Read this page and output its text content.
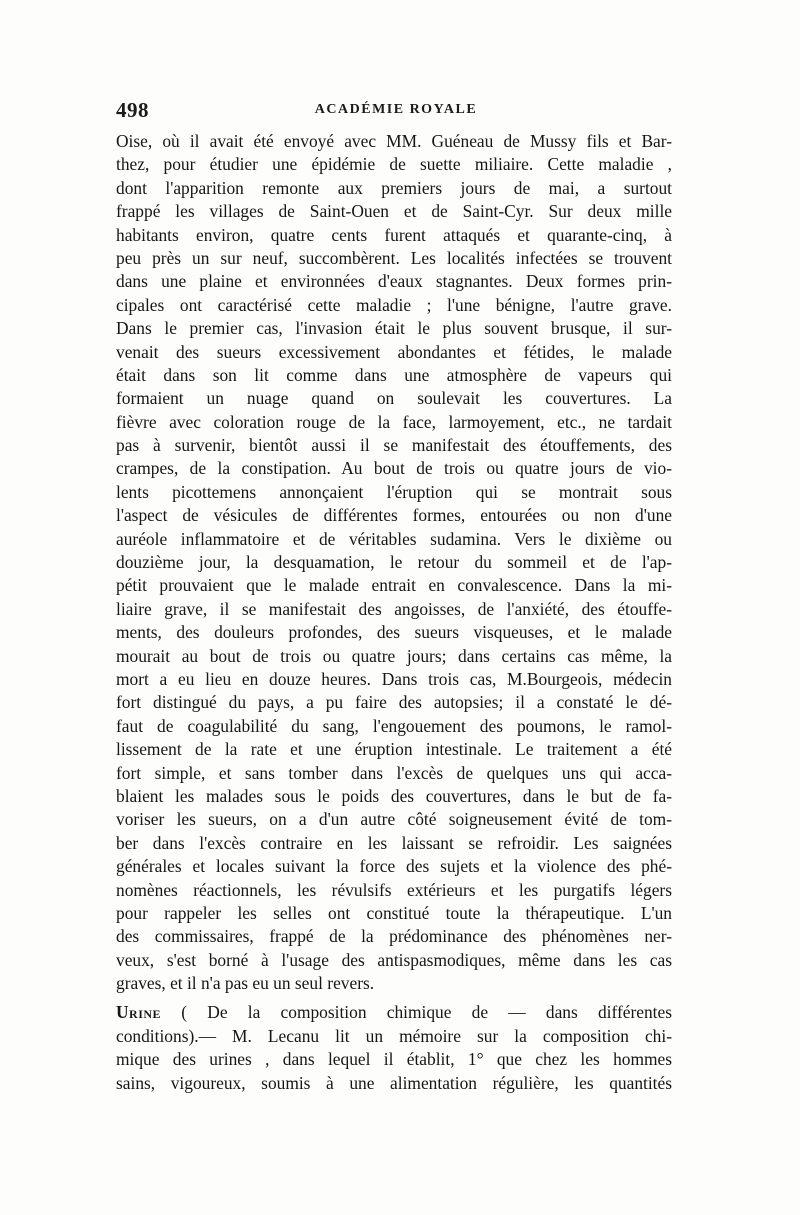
498	ACADÉMIE ROYALE
Oise, où il avait été envoyé avec MM. Guéneau de Mussy fils et Bar-
thez, pour étudier une épidémie de suette miliaire. Cette maladie ,
dont l'apparition remonte aux premiers jours de mai, a surtout
frappé les villages de Saint-Ouen et de Saint-Cyr. Sur deux mille
habitants environ, quatre cents furent attaqués et quarante-cinq, à
peu près un sur neuf, succombèrent. Les localités infectées se trouvent
dans une plaine et environnées d'eaux stagnantes. Deux formes prin-
cipales ont caractérisé cette maladie ; l'une bénigne, l'autre grave.
Dans le premier cas, l'invasion était le plus souvent brusque, il sur-
venait des sueurs excessivement abondantes et fétides, le malade
était dans son lit comme dans une atmosphère de vapeurs qui
formaient un nuage quand on soulevait les couvertures. La
fièvre avec coloration rouge de la face, larmoyement, etc., ne tardait
pas à survenir, bientôt aussi il se manifestait des étouffements, des
crampes, de la constipation. Au bout de trois ou quatre jours de vio-
lents picottemens annonçaient l'éruption qui se montrait sous
l'aspect de vésicules de différentes formes, entourées ou non d'une
auréole inflammatoire et de véritables sudamina. Vers le dixième ou
douzième jour, la desquamation, le retour du sommeil et de l'ap-
pétit prouvaient que le malade entrait en convalescence. Dans la mi-
liaire grave, il se manifestait des angoisses, de l'anxiété, des étouffe-
ments, des douleurs profondes, des sueurs visqueuses, et le malade
mourait au bout de trois ou quatre jours; dans certains cas même, la
mort a eu lieu en douze heures. Dans trois cas, M.Bourgeois, médecin
fort distingué du pays, a pu faire des autopsies; il a constaté le dé-
faut de coagulabilité du sang, l'engouement des poumons, le ramol-
lissement de la rate et une éruption intestinale. Le traitement a été
fort simple, et sans tomber dans l'excès de quelques uns qui acca-
blaient les malades sous le poids des couvertures, dans le but de fa-
voriser les sueurs, on a d'un autre côté soigneusement évité de tom-
ber dans l'excès contraire en les laissant se refroidir. Les saignées
générales et locales suivant la force des sujets et la violence des phé-
nomènes réactionnels, les révulsifs extérieurs et les purgatifs légers
pour rappeler les selles ont constitué toute la thérapeutique. L'un
des commissaires, frappé de la prédominance des phénomènes ner-
veux, s'est borné à l'usage des antispasmodiques, même dans les cas
graves, et il n'a pas eu un seul revers.
Urine ( De la composition chimique de — dans différentes
conditions).— M. Lecanu lit un mémoire sur la composition chi-
mique des urines , dans lequel il établit, 1° que chez les hommes
sains, vigoureux, soumis à une alimentation régulière, les quantités
